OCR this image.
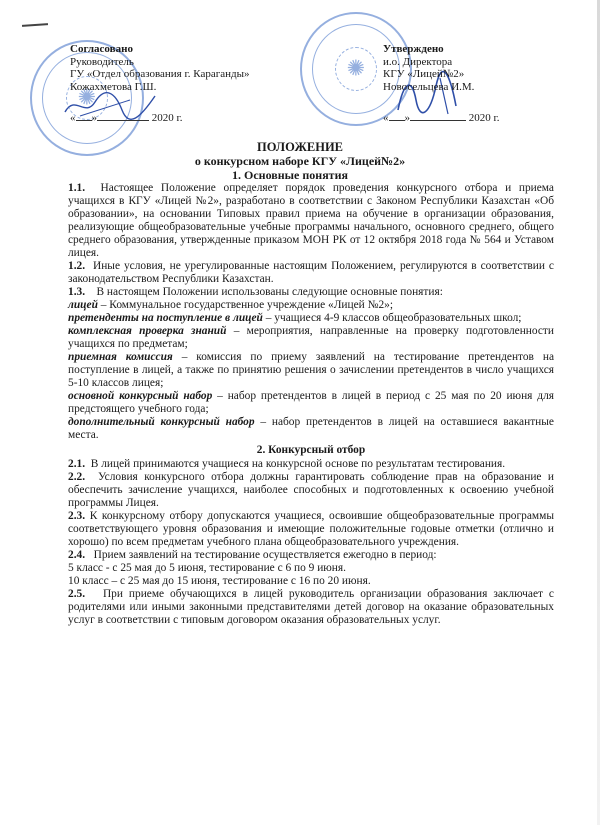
✺
✺
Согласовано
Руководитель
ГУ «Отдел образования г. Караганды»
Кожахметова Г.Ш.
« »	2020 г.
Утверждено
и.о. Директора
КГУ «Лицей№2»
Новосельцева И.М.
« »	2020 г.
ПОЛОЖЕНИЕ
о конкурсном наборе КГУ «Лицей№2»
1. Основные понятия

1.1. Настоящее Положение определяет порядок проведения конкурсного отбора и приема учащихся в КГУ «Лицей №2», разработано в соответствии с Законом Республики Казахстан «Об образовании», на основании Типовых правил приема на обучение в организации образования, реализующие общеобразовательные учебные программы начального, основного среднего, общего среднего образования, утвержденные приказом МОН РК от 12 октября 2018 года № 564 и Уставом лицея.

1.2. Иные условия, не урегулированные настоящим Положением, регулируются в соответствии с законодательством Республики Казахстан.

1.3. В настоящем Положении использованы следующие основные понятия:

лицей – Коммунальное государственное учреждение «Лицей №2»;

претенденты на поступление в лицей – учащиеся 4-9 классов общеобразовательных школ;

комплексная проверка знаний – мероприятия, направленные на проверку подготовленности учащихся по предметам;

приемная комиссия – комиссия по приему заявлений на тестирование претендентов на поступление в лицей, а также по принятию решения о зачислении претендентов в число учащихся 5-10 классов лицея;

основной конкурсный набор – набор претендентов в лицей в период с 25 мая по 20 июня для предстоящего учебного года;

дополнительный конкурсный набор – набор претендентов в лицей на оставшиеся вакантные места.

2. Конкурсный отбор

2.1. В лицей принимаются учащиеся на конкурсной основе по результатам тестирования.

2.2. Условия конкурсного отбора должны гарантировать соблюдение прав на образование и обеспечить зачисление учащихся, наиболее способных и подготовленных к освоению учебной программы Лицея.

2.3. К конкурсному отбору допускаются учащиеся, освоившие общеобразовательные программы соответствующего уровня образования и имеющие положительные годовые отметки (отлично и хорошо) по всем предметам учебного плана общеобразовательного учреждения.

2.4. Прием заявлений на тестирование осуществляется ежегодно в период:

5 класс - с 25 мая до 5 июня, тестирование с 6 по 9 июня.

10 класс – с 25 мая до 15 июня, тестирование с 16 по 20 июня.

2.5. При приеме обучающихся в лицей руководитель организации образования заключает с родителями или иными законными представителями детей договор на оказание образовательных услуг в соответствии с типовым договором оказания образовательных услуг.
